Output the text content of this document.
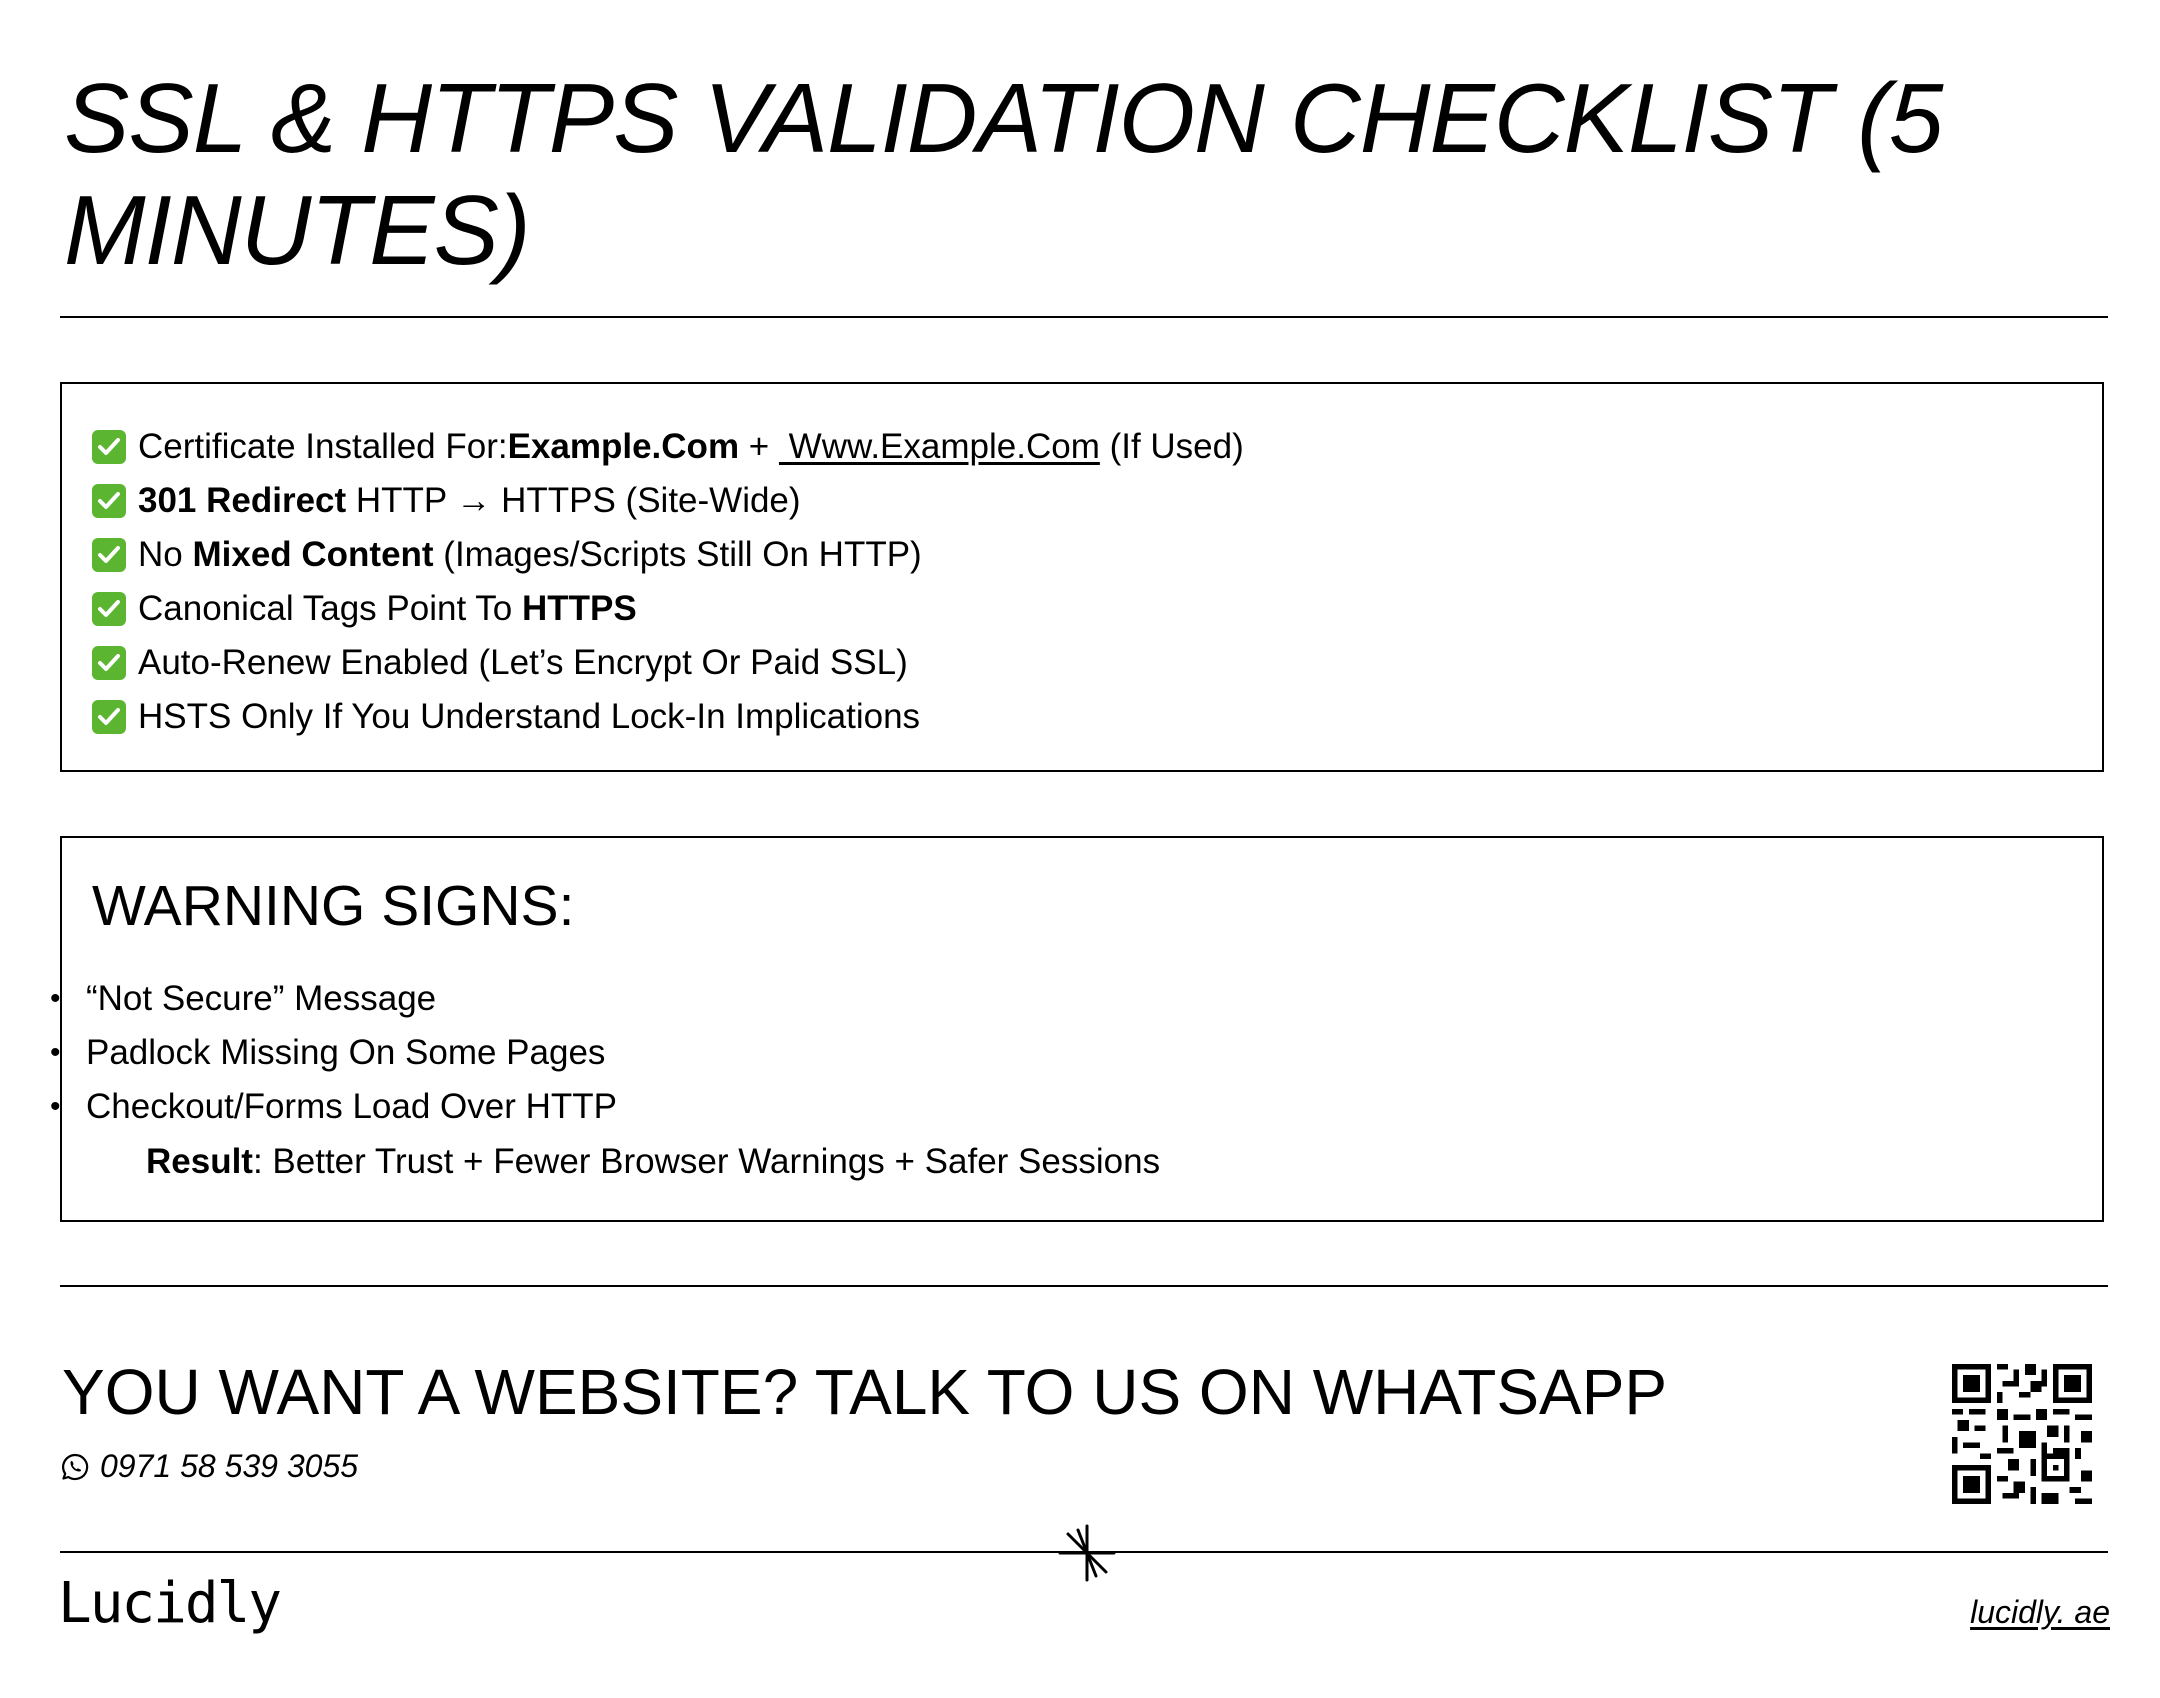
SSL & HTTPS VALIDATION CHECKLIST (5 MINUTES)
Certificate Installed For: Example.Com + Www.Example.Com (If Used)
301 Redirect HTTP → HTTPS (Site-Wide)
No Mixed Content (Images/Scripts Still On HTTP)
Canonical Tags Point To HTTPS
Auto-Renew Enabled (Let’s Encrypt Or Paid SSL)
HSTS Only If You Understand Lock-In Implications
WARNING SIGNS:
• “Not Secure” Message
• Padlock Missing On Some Pages
• Checkout/Forms Load Over HTTP
Result: Better Trust + Fewer Browser Warnings + Safer Sessions
YOU WANT A WEBSITE? TALK TO US ON WHATSAPP
0971 58 539 3055
Lucidly	lucidly. ae
